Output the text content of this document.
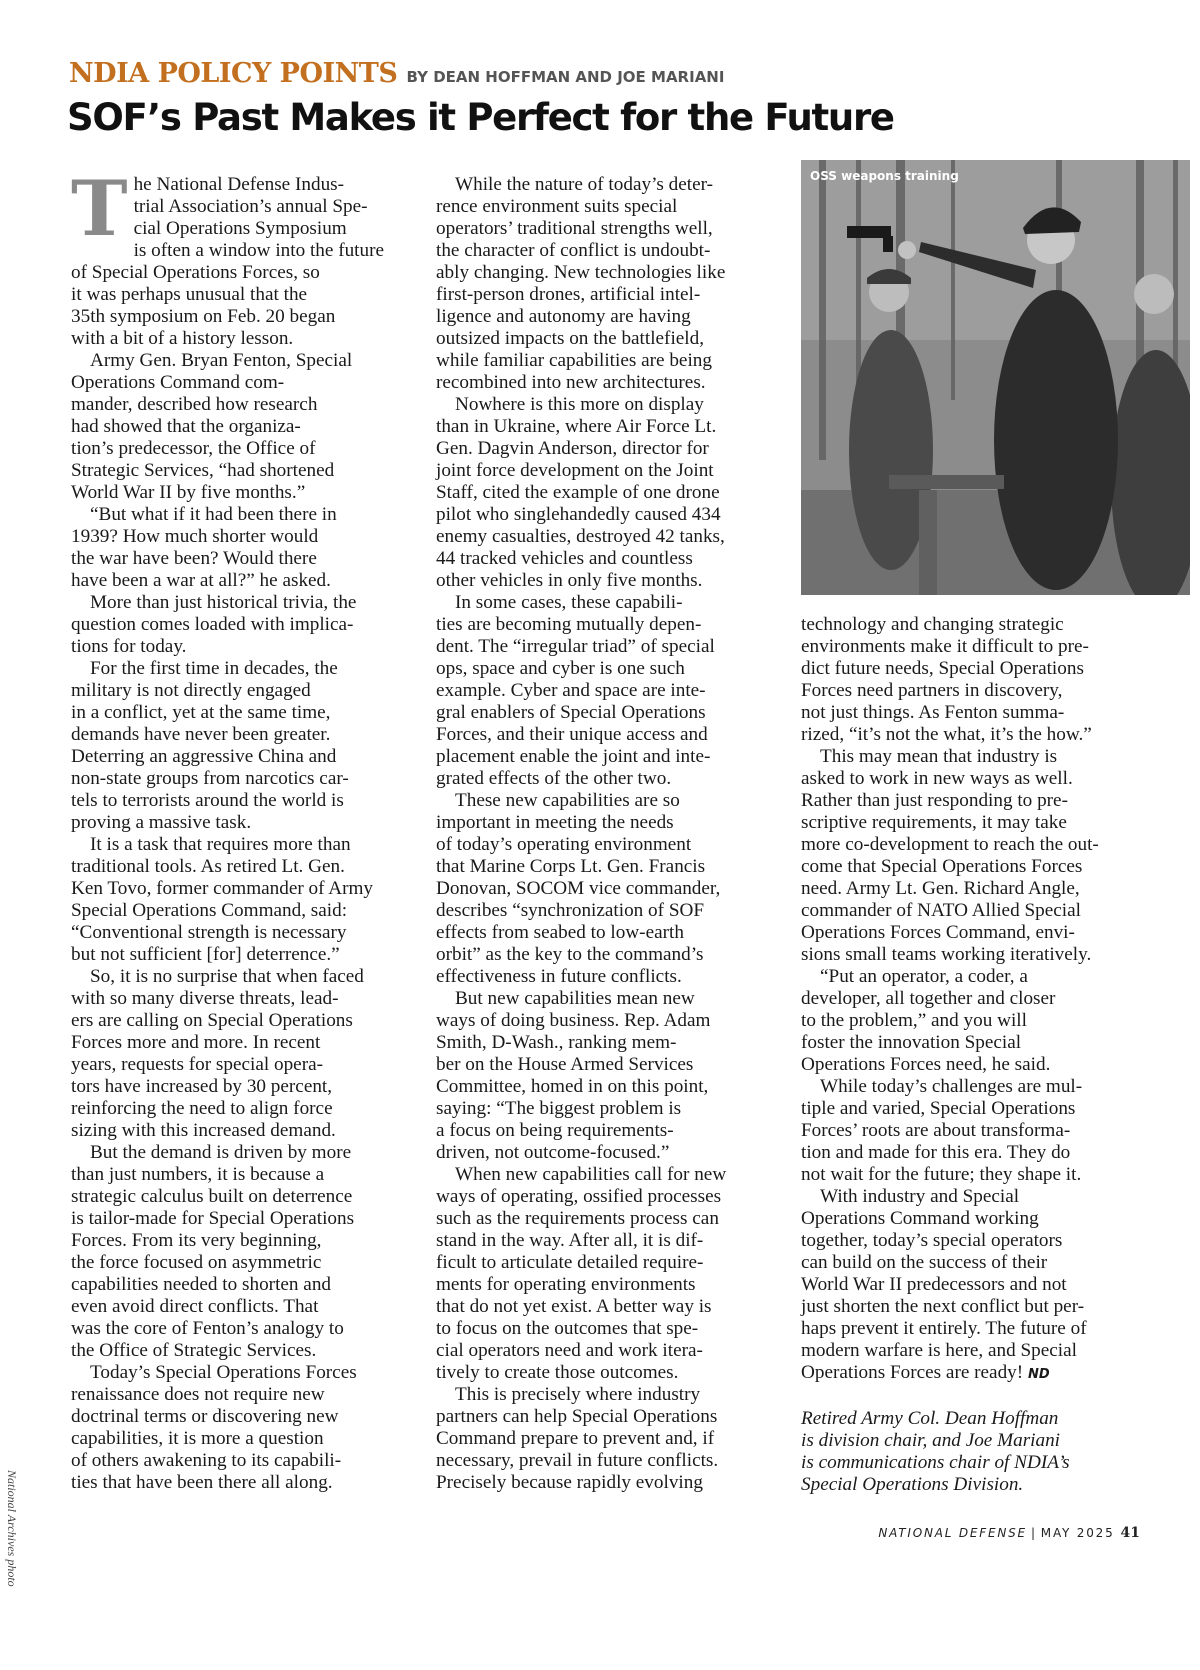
NDIA POLICY POINTS BY DEAN HOFFMAN AND JOE MARIANI
SOF’s Past Makes it Perfect for the Future
T he National Defense Indus-
trial Association’s annual Spe-
cial Operations Symposium
is often a window into the future
of Special Operations Forces, so
it was perhaps unusual that the
35th symposium on Feb. 20 began
with a bit of a history lesson.
Army Gen. Bryan Fenton, Special
Operations Command com-
mander, described how research
had showed that the organiza-
tion’s predecessor, the Office of
Strategic Services, “had shortened
World War II by five months.”
“But what if it had been there in
1939? How much shorter would
the war have been? Would there
have been a war at all?” he asked.
More than just historical trivia, the
question comes loaded with implica-
tions for today.
For the first time in decades, the
military is not directly engaged
in a conflict, yet at the same time,
demands have never been greater.
Deterring an aggressive China and
non-state groups from narcotics car-
tels to terrorists around the world is
proving a massive task.
It is a task that requires more than
traditional tools. As retired Lt. Gen.
Ken Tovo, former commander of Army
Special Operations Command, said:
“Conventional strength is necessary
but not sufficient [for] deterrence.”
So, it is no surprise that when faced
with so many diverse threats, lead-
ers are calling on Special Operations
Forces more and more. In recent
years, requests for special opera-
tors have increased by 30 percent,
reinforcing the need to align force
sizing with this increased demand.
But the demand is driven by more
than just numbers, it is because a
strategic calculus built on deterrence
is tailor-made for Special Operations
Forces. From its very beginning,
the force focused on asymmetric
capabilities needed to shorten and
even avoid direct conflicts. That
was the core of Fenton’s analogy to
the Office of Strategic Services.
Today’s Special Operations Forces
renaissance does not require new
doctrinal terms or discovering new
capabilities, it is more a question
of others awakening to its capabili-
ties that have been there all along.
While the nature of today’s deter-
rence environment suits special
operators’ traditional strengths well,
the character of conflict is undoubt-
ably changing. New technologies like
first-person drones, artificial intel-
ligence and autonomy are having
outsized impacts on the battlefield,
while familiar capabilities are being
recombined into new architectures.
Nowhere is this more on display
than in Ukraine, where Air Force Lt.
Gen. Dagvin Anderson, director for
joint force development on the Joint
Staff, cited the example of one drone
pilot who singlehandedly caused 434
enemy casualties, destroyed 42 tanks,
44 tracked vehicles and countless
other vehicles in only five months.
In some cases, these capabili-
ties are becoming mutually depen-
dent. The “irregular triad” of special
ops, space and cyber is one such
example. Cyber and space are inte-
gral enablers of Special Operations
Forces, and their unique access and
placement enable the joint and inte-
grated effects of the other two.
These new capabilities are so
important in meeting the needs
of today’s operating environment
that Marine Corps Lt. Gen. Francis
Donovan, SOCOM vice commander,
describes “synchronization of SOF
effects from seabed to low-earth
orbit” as the key to the command’s
effectiveness in future conflicts.
But new capabilities mean new
ways of doing business. Rep. Adam
Smith, D-Wash., ranking mem-
ber on the House Armed Services
Committee, homed in on this point,
saying: “The biggest problem is
a focus on being requirements-
driven, not outcome-focused.”
When new capabilities call for new
ways of operating, ossified processes
such as the requirements process can
stand in the way. After all, it is dif-
ficult to articulate detailed require-
ments for operating environments
that do not yet exist. A better way is
to focus on the outcomes that spe-
cial operators need and work itera-
tively to create those outcomes.
This is precisely where industry
partners can help Special Operations
Command prepare to prevent and, if
necessary, prevail in future conflicts.
Precisely because rapidly evolving
technology and changing strategic
environments make it difficult to pre-
dict future needs, Special Operations
Forces need partners in discovery,
not just things. As Fenton summa-
rized, “it’s not the what, it’s the how.”
This may mean that industry is
asked to work in new ways as well.
Rather than just responding to pre-
scriptive requirements, it may take
more co-development to reach the out-
come that Special Operations Forces
need. Army Lt. Gen. Richard Angle,
commander of NATO Allied Special
Operations Forces Command, envi-
sions small teams working iteratively.
“Put an operator, a coder, a
developer, all together and closer
to the problem,” and you will
foster the innovation Special
Operations Forces need, he said.
While today’s challenges are mul-
tiple and varied, Special Operations
Forces’ roots are about transforma-
tion and made for this era. They do
not wait for the future; they shape it.
With industry and Special
Operations Command working
together, today’s special operators
can build on the success of their
World War II predecessors and not
just shorten the next conflict but per-
haps prevent it entirely. The future of
modern warfare is here, and Special
Operations Forces are ready! ND
Retired Army Col. Dean Hoffman
is division chair, and Joe Mariani
is communications chair of NDIA’s
Special Operations Division.
OSS weapons training
National Archives photo	NATIONAL DEFENSE | MAY 2025 41
